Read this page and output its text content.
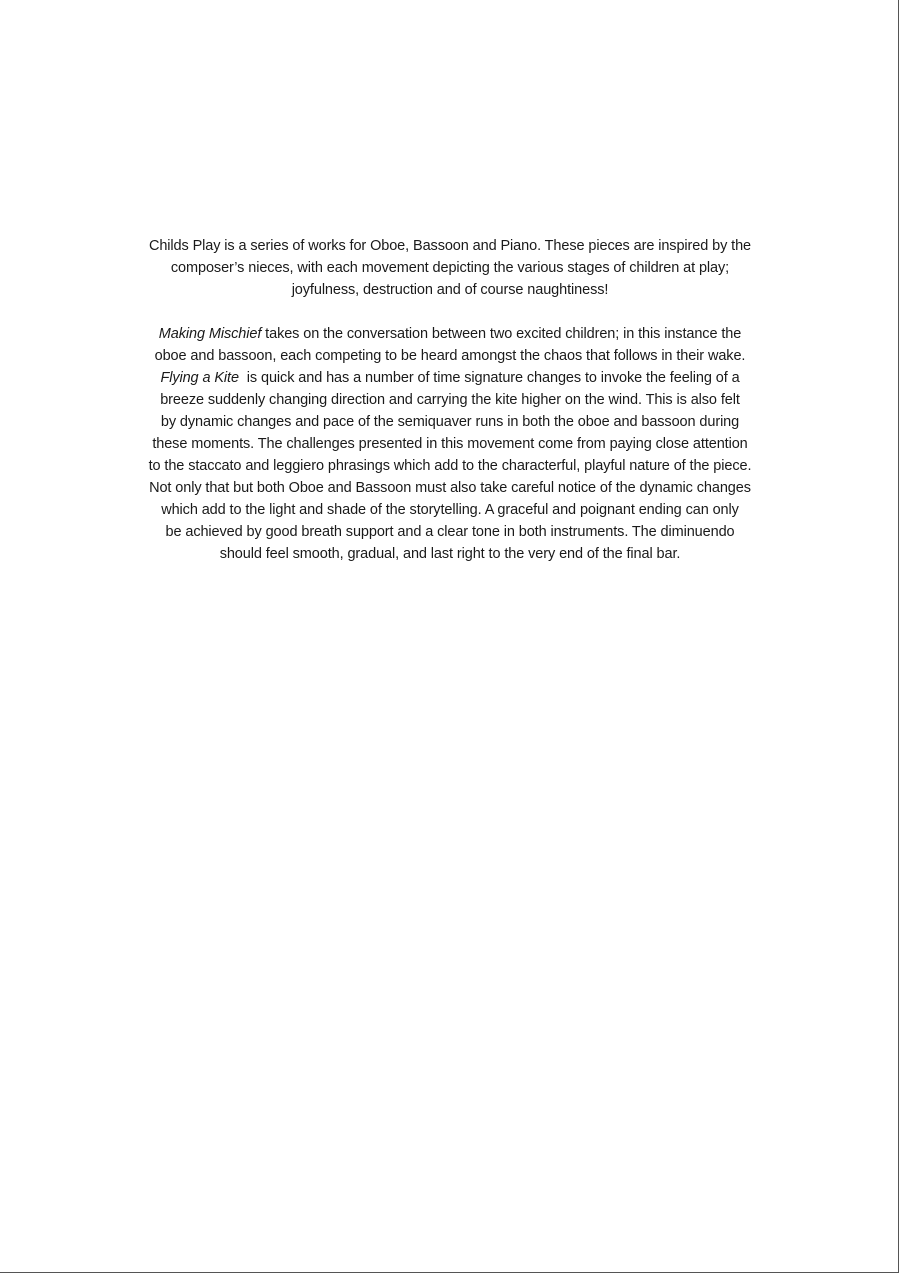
Childs Play is a series of works for Oboe, Bassoon and Piano. These pieces are inspired by the
composer’s nieces, with each movement depicting the various stages of children at play;
joyfulness, destruction and of course naughtiness!
Making Mischief takes on the conversation between two excited children; in this instance the
oboe and bassoon, each competing to be heard amongst the chaos that follows in their wake.
Flying a Kite  is quick and has a number of time signature changes to invoke the feeling of a
breeze suddenly changing direction and carrying the kite higher on the wind. This is also felt
by dynamic changes and pace of the semiquaver runs in both the oboe and bassoon during
these moments. The challenges presented in this movement come from paying close attention
to the staccato and leggiero phrasings which add to the characterful, playful nature of the piece.
Not only that but both Oboe and Bassoon must also take careful notice of the dynamic changes
which add to the light and shade of the storytelling. A graceful and poignant ending can only
be achieved by good breath support and a clear tone in both instruments. The diminuendo
should feel smooth, gradual, and last right to the very end of the final bar.
